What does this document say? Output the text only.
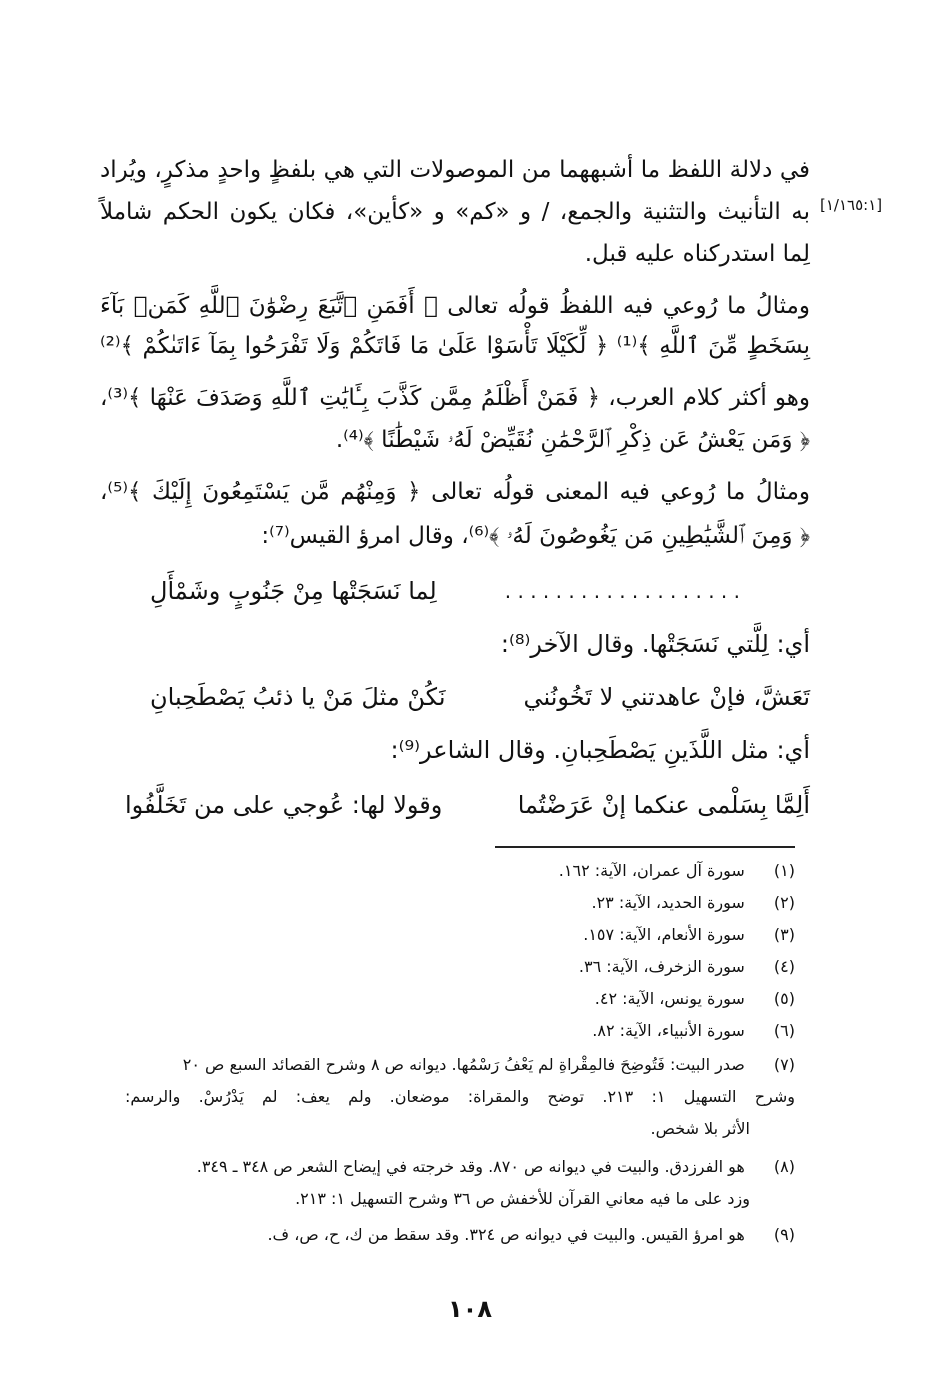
في دلالة اللفظ ما أشبههما من الموصولات التي هي بلفظٍ واحدٍ مذكرٍ، ويُراد
به التأنيث والتثنية والجمع، / و «كم» و «كأين»، فكان يكون الحكم شاملاً
لِما استدركناه عليه قبل.
[١/١٦٥:١]
ومثالُ ما رُوعي فيه اللفظُ قولُه تعالى ﴿ أَفَمَنِ ٱتَّبَعَ رِضْوَٰنَ ٱللَّهِ كَمَنۢ بَآءَ
بِسَخَطٍ مِّنَ ٱللَّهِ ﴾⁽¹⁾ ﴿ لِّكَيْلَا تَأْسَوْا عَلَىٰ مَا فَاتَكُمْ وَلَا تَفْرَحُوا بِمَآ ءَاتَىٰكُمْ ﴾⁽²⁾
وهو أكثر كلام العرب، ﴿ فَمَنْ أَظْلَمُ مِمَّن كَذَّبَ بِـَٔايَٰتِ ٱللَّهِ وَصَدَفَ عَنْهَا ﴾⁽³⁾،
﴿ وَمَن يَعْشُ عَن ذِكْرِ ٱلرَّحْمَٰنِ نُقَيِّضْ لَهُۥ شَيْطَٰنًا ﴾⁽⁴⁾.
ومثالُ ما رُوعي فيه المعنى قولُه تعالى ﴿ وَمِنْهُم مَّن يَسْتَمِعُونَ إِلَيْكَ ﴾⁽⁵⁾،
﴿ وَمِنَ ٱلشَّيَٰطِينِ مَن يَغُوصُونَ لَهُۥ ﴾⁽⁶⁾، وقال امرؤ القيس⁽⁷⁾:
. . . . . . . . . . . . . . . . . . .
لِما نَسَجَتْها مِنْ جَنُوبٍ وشَمْأَلِ
أي: لِلَّتي نَسَجَتْها. وقال الآخر⁽⁸⁾:
تَعَشَّ، فإنْ عاهدتني لا تَخُونُني
نَكُنْ مثلَ مَنْ يا ذئبُ يَصْطَحِبانِ
أي: مثل اللَّذَينِ يَصْطَحِبانِ. وقال الشاعر⁽⁹⁾:
أَلِمَّا بِسَلْمى عنكما إنْ عَرَضْتُما
وقولا لها: عُوجي على من تَخَلَّفُوا
(١)  سورة آل عمران، الآية: ١٦٢.
(٢)  سورة الحديد، الآية: ٢٣.
(٣)  سورة الأنعام، الآية: ١٥٧.
(٤)  سورة الزخرف، الآية: ٣٦.
(٥)  سورة يونس، الآية: ٤٢.
(٦)  سورة الأنبياء، الآية: ٨٢.
(٧)  صدر البيت: فَتُوضِحَ فالمِقْراةِ لم يَعْفُ رَسْمُها. ديوانه ص ٨ وشرح القصائد السبع ص ٢٠
وشرح التسهيل ١: ٢١٣. توضح والمقراة: موضعان. ولم يعف: لم يَدْرُسْ. والرسم:
الأثر بلا شخص.
(٨)  هو الفرزدق. والبيت في ديوانه ص ٨٧٠. وقد خرجته في إيضاح الشعر ص ٣٤٨ ـ ٣٤٩.
وزد على ما فيه معاني القرآن للأخفش ص ٣٦ وشرح التسهيل ١: ٢١٣.
(٩)  هو امرؤ القيس. والبيت في ديوانه ص ٣٢٤. وقد سقط من ك، ح، ص، ف.
١٠٨
